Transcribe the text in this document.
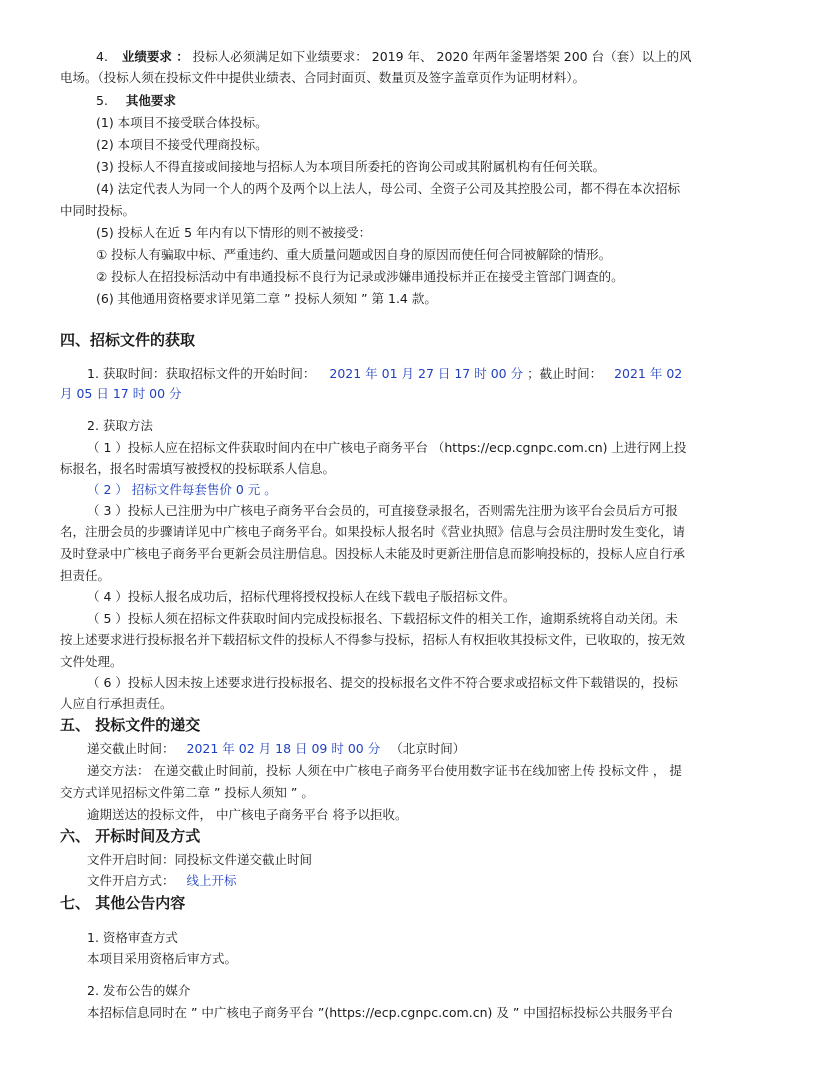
4. 业绩要求 ： 投标人必须满足如下业绩要求： 2019 年、 2020 年两年釜署塔架 200 台（套）以上的风
电场。（投标人须在投标文件中提供业绩表、合同封面页、数量页及签字盖章页作为证明材料）。
5. 其他要求
(1) 本项目不接受联合体投标。
(2) 本项目不接受代理商投标。
(3) 投标人不得直接或间接地与招标人为本项目所委托的咨询公司或其附属机构有任何关联。
(4) 法定代表人为同一个人的两个及两个以上法人，母公司、全资子公司及其控股公司，都不得在本次招标
中同时投标。
(5) 投标人在近 5 年内有以下情形的则不被接受：
① 投标人有骗取中标、严重违约、重大质量问题或因自身的原因而使任何合同被解除的情形。
② 投标人在招投标活动中有串通投标不良行为记录或涉嫌串通投标并正在接受主管部门调查的。
(6) 其他通用资格要求详见第二章 ” 投标人须知 ” 第 1.4 款。
四、招标文件的获取
1. 获取时间：获取招标文件的开始时间： 2021 年 01 月 27 日 17 时 00 分 ；截止时间： 2021 年 02
月 05 日 17 时 00 分
2. 获取方法
（ 1 ）投标人应在招标文件获取时间内在中广核电子商务平台 （https://ecp.cgnpc.com.cn) 上进行网上投
标报名，报名时需填写被授权的投标联系人信息。
（ 2 ） 招标文件每套售价 0 元 。
（ 3 ）投标人已注册为中广核电子商务平台会员的，可直接登录报名，否则需先注册为该平台会员后方可报
名，注册会员的步骤请详见中广核电子商务平台。如果投标人报名时《营业执照》信息与会员注册时发生变化，请
及时登录中广核电子商务平台更新会员注册信息。因投标人未能及时更新注册信息而影响投标的，投标人应自行承
担责任。
（ 4 ）投标人报名成功后，招标代理将授权投标人在线下载电子版招标文件。
（ 5 ）投标人须在招标文件获取时间内完成投标报名、下载招标文件的相关工作，逾期系统将自动关闭。未
按上述要求进行投标报名并下载招标文件的投标人不得参与投标，招标人有权拒收其投标文件，已收取的，按无效
文件处理。
（ 6 ）投标人因未按上述要求进行投标报名、提交的投标报名文件不符合要求或招标文件下载错误的，投标
人应自行承担责任。
五、 投标文件的递交
递交截止时间： 2021 年 02 月 18 日 09 时 00 分 （北京时间）
递交方法： 在递交截止时间前，投标 人须在中广核电子商务平台使用数字证书在线加密上传 投标文件 ， 提
交方式详见招标文件第二章 ” 投标人须知 ” 。
逾期送达的投标文件， 中广核电子商务平台 将予以拒收。
六、 开标时间及方式
文件开启时间：同投标文件递交截止时间
文件开启方式： 线上开标
七、 其他公告内容
1. 资格审查方式
本项目采用资格后审方式。
2. 发布公告的媒介
本招标信息同时在 ” 中广核电子商务平台 ”(https://ecp.cgnpc.com.cn) 及 ” 中国招标投标公共服务平台
